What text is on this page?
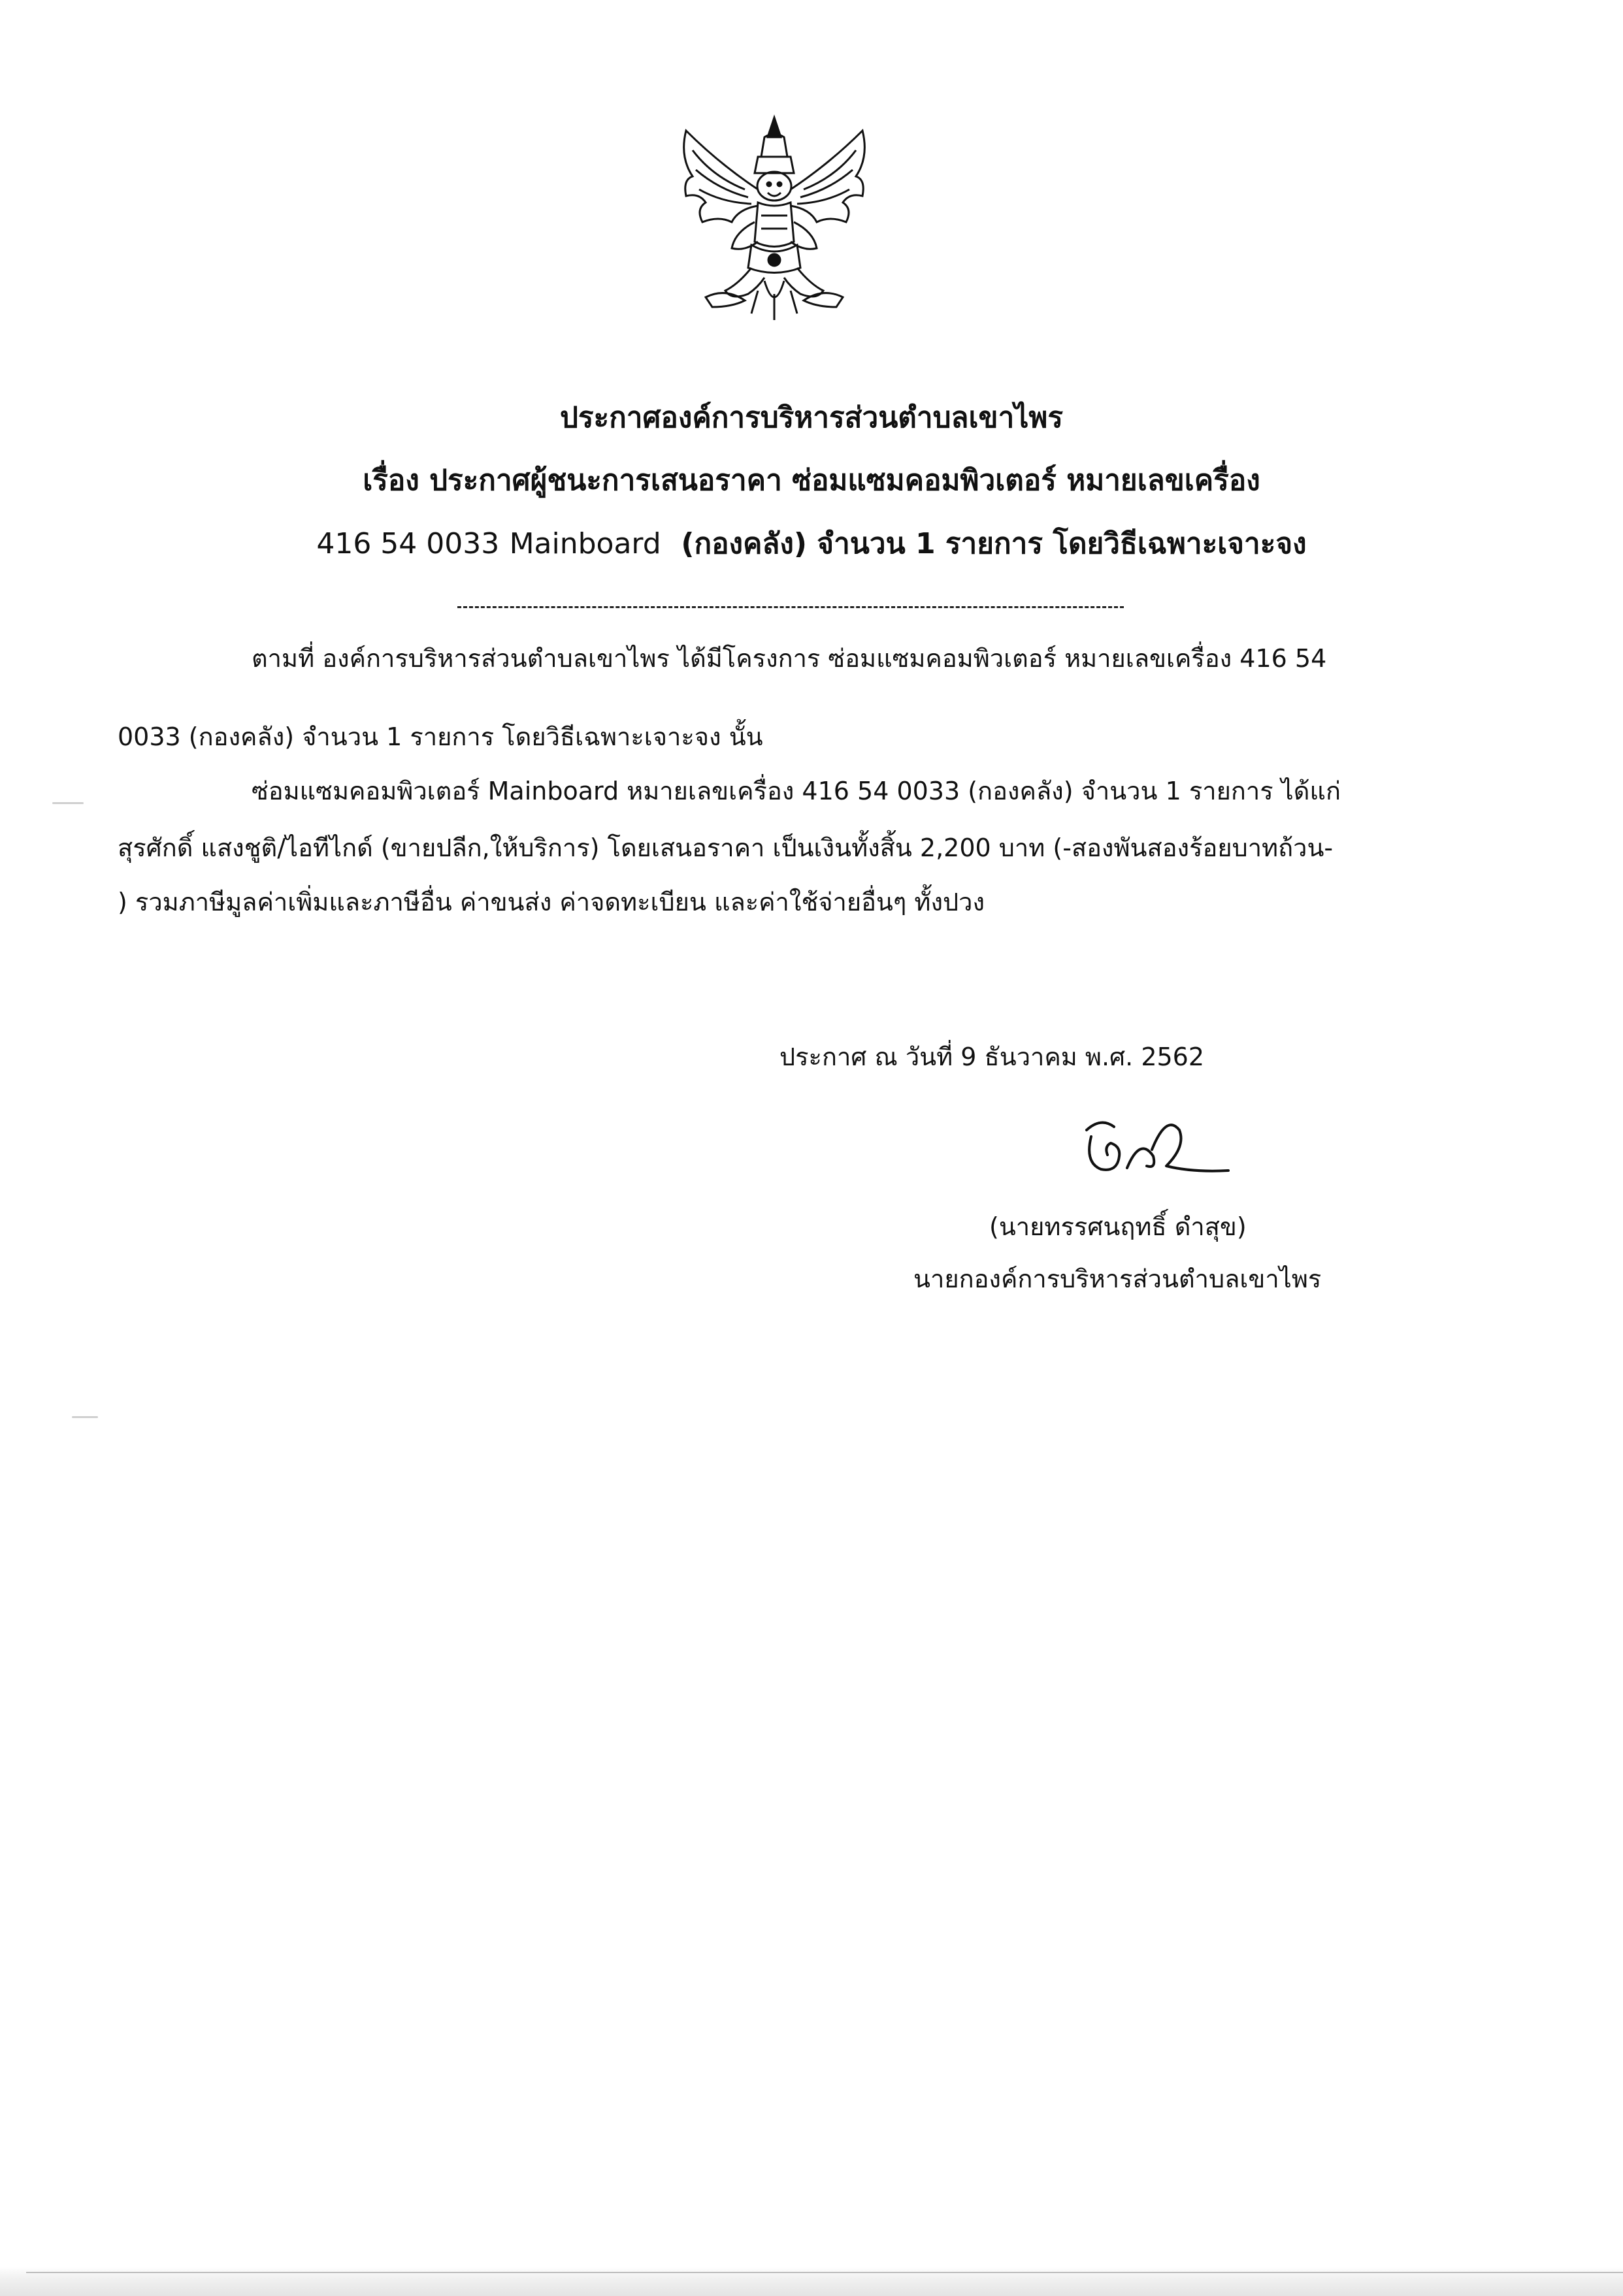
ประกาศองค์การบริหารส่วนตำบลเขาไพร
เรื่อง ประกาศผู้ชนะการเสนอราคา ซ่อมแซมคอมพิวเตอร์ หมายเลขเครื่อง
416 54 0033 Mainboard (กองคลัง) จำนวน 1 รายการ โดยวิธีเฉพาะเจาะจง
ตามที่ องค์การบริหารส่วนตำบลเขาไพร ได้มีโครงการ ซ่อมแซมคอมพิวเตอร์ หมายเลขเครื่อง 416 54
0033 (กองคลัง) จำนวน 1 รายการ โดยวิธีเฉพาะเจาะจง นั้น
ซ่อมแซมคอมพิวเตอร์ Mainboard หมายเลขเครื่อง 416 54 0033 (กองคลัง) จำนวน 1 รายการ ได้แก่
สุรศักดิ์ แสงชูติ/ไอทีไกด์ (ขายปลีก,ให้บริการ) โดยเสนอราคา เป็นเงินทั้งสิ้น 2,200 บาท (-สองพันสองร้อยบาทถ้วน-
) รวมภาษีมูลค่าเพิ่มและภาษีอื่น ค่าขนส่ง ค่าจดทะเบียน และค่าใช้จ่ายอื่นๆ ทั้งปวง
ประกาศ ณ วันที่ 9 ธันวาคม พ.ศ. 2562
(นายทรรศนฤทธิ์ ดำสุข)
นายกองค์การบริหารส่วนตำบลเขาไพร
